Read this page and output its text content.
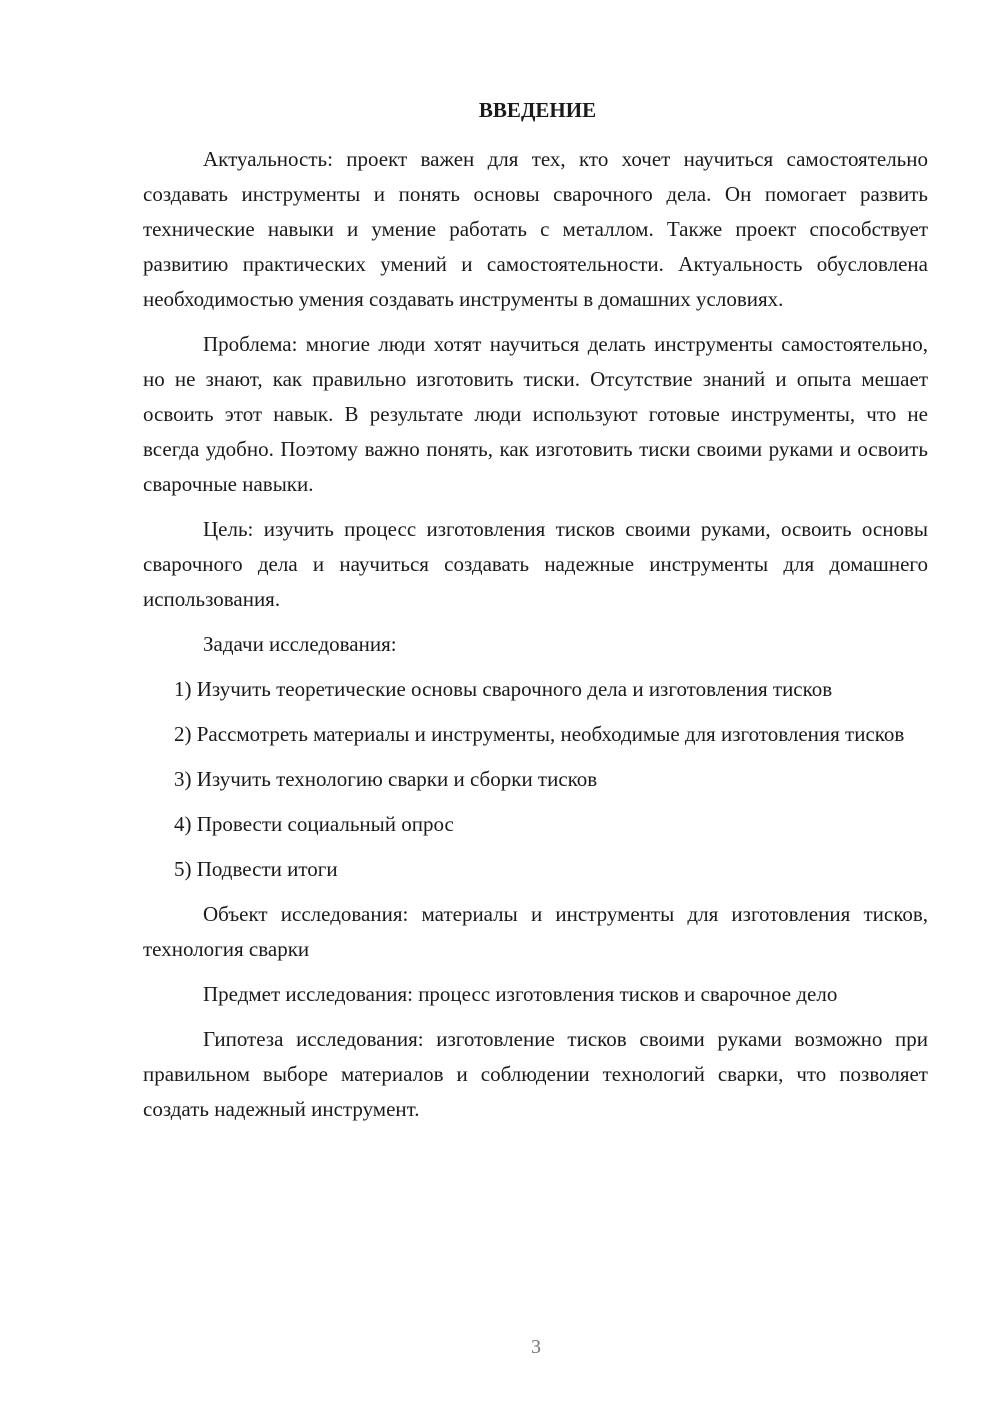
ВВЕДЕНИЕ

Актуальность: проект важен для тех, кто хочет научиться самостоятельно создавать инструменты и понять основы сварочного дела. Он помогает развить технические навыки и умение работать с металлом. Также проект способствует развитию практических умений и самостоятельности. Актуальность обусловлена необходимостью умения создавать инструменты в домашних условиях.

Проблема: многие люди хотят научиться делать инструменты самостоятельно, но не знают, как правильно изготовить тиски. Отсутствие знаний и опыта мешает освоить этот навык. В результате люди используют готовые инструменты, что не всегда удобно. Поэтому важно понять, как изготовить тиски своими руками и освоить сварочные навыки.

Цель: изучить процесс изготовления тисков своими руками, освоить основы сварочного дела и научиться создавать надежные инструменты для домашнего использования.

Задачи исследования:

1) Изучить теоретические основы сварочного дела и изготовления тисков

2) Рассмотреть материалы и инструменты, необходимые для изготовления тисков

3) Изучить технологию сварки и сборки тисков

4) Провести социальный опрос

5) Подвести итоги

Объект исследования: материалы и инструменты для изготовления тисков, технология сварки

Предмет исследования: процесс изготовления тисков и сварочное дело

Гипотеза исследования: изготовление тисков своими руками возможно при правильном выборе материалов и соблюдении технологий сварки, что позволяет создать надежный инструмент.

3
